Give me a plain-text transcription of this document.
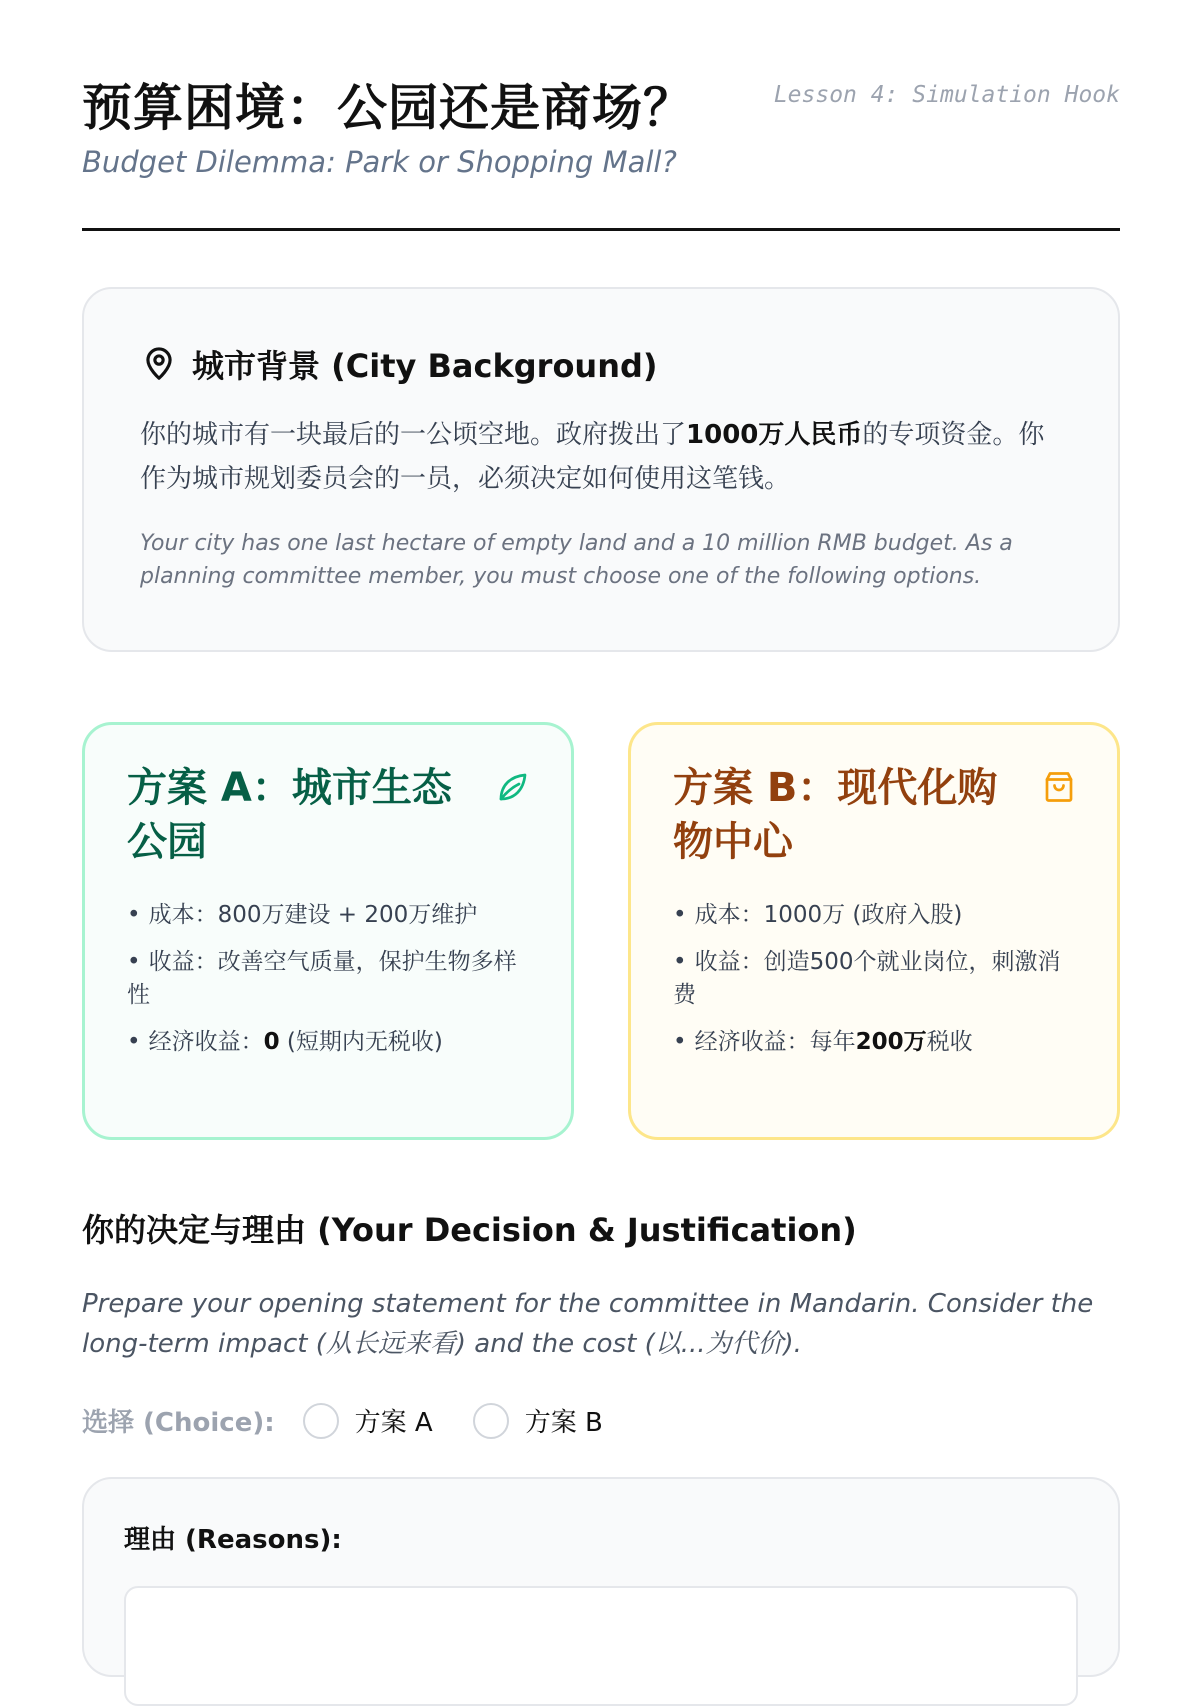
预算困境：公园还是商场？
Budget Dilemma: Park or Shopping Mall?
Lesson 4: Simulation Hook
城市背景 (City Background)
你的城市有一块最后的一公顷空地。政府拨出了1000万人民币的专项资金。你作为城市规划委员会的一员，必须决定如何使用这笔钱。
Your city has one last hectare of empty land and a 10 million RMB budget. As a planning committee member, you must choose one of the following options.
方案 A：城市生态公园
• 成本：800万建设 + 200万维护
• 收益：改善空气质量，保护生物多样性
• 经济收益：0 (短期内无税收)
方案 B：现代化购物中心
• 成本：1000万 (政府入股)
• 收益：创造500个就业岗位，刺激消费
• 经济收益：每年200万税收
你的决定与理由 (Your Decision & Justification)
Prepare your opening statement for the committee in Mandarin. Consider the long-term impact (从长远来看) and the cost (以...为代价).
选择 (Choice):	方案 A	方案 B
理由 (Reasons):
